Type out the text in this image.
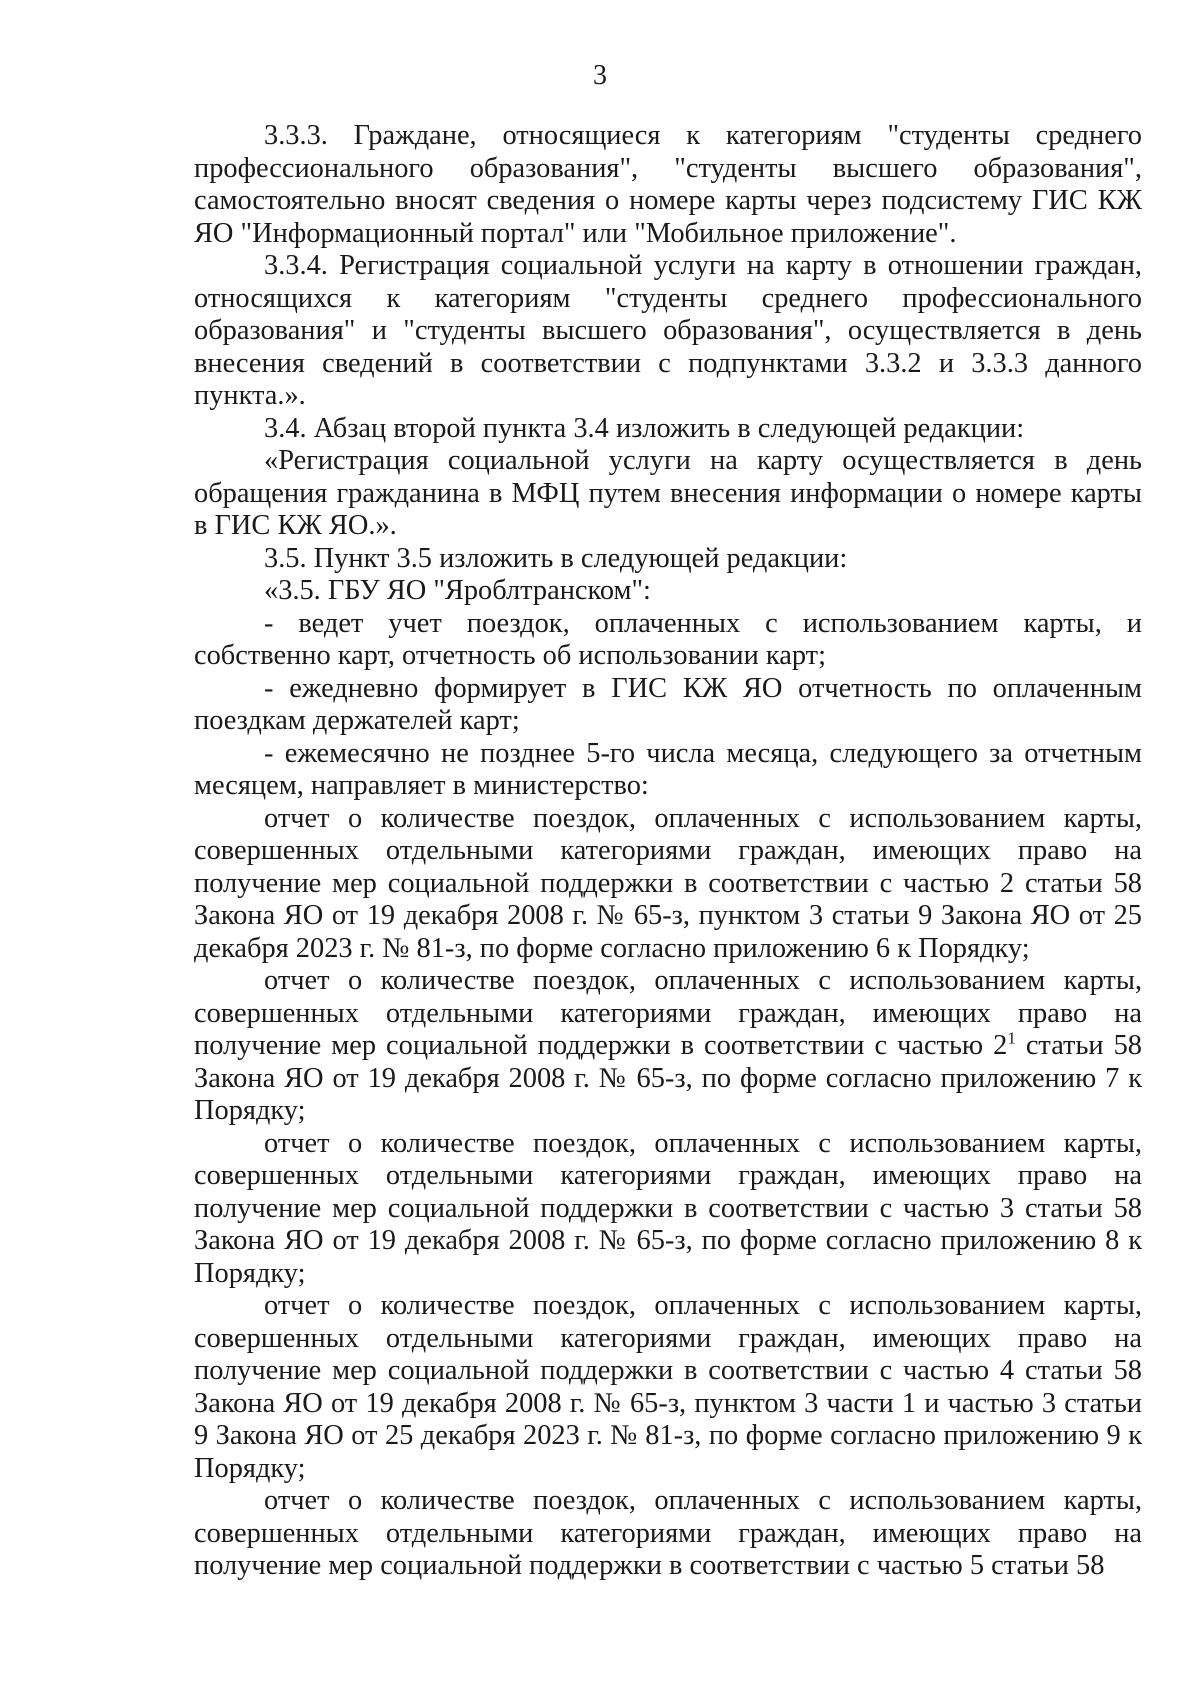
3

3.3.3. Граждане, относящиеся к категориям "студенты среднего профессионального образования", "студенты высшего образования", самостоятельно вносят сведения о номере карты через подсистему ГИС КЖ ЯО "Информационный портал" или "Мобильное приложение".

3.3.4. Регистрация социальной услуги на карту в отношении граждан, относящихся к категориям "студенты среднего профессионального образования" и "студенты высшего образования", осуществляется в день внесения сведений в соответствии с подпунктами 3.3.2 и 3.3.3 данного пункта.».

3.4. Абзац второй пункта 3.4 изложить в следующей редакции:

«Регистрация социальной услуги на карту осуществляется в день обращения гражданина в МФЦ путем внесения информации о номере карты в ГИС КЖ ЯО.».

3.5. Пункт 3.5 изложить в следующей редакции:

«3.5. ГБУ ЯО "Яроблтранском":

- ведет учет поездок, оплаченных с использованием карты, и собственно карт, отчетность об использовании карт;

- ежедневно формирует в ГИС КЖ ЯО отчетность по оплаченным поездкам держателей карт;

- ежемесячно не позднее 5-го числа месяца, следующего за отчетным месяцем, направляет в министерство:

отчет о количестве поездок, оплаченных с использованием карты, совершенных отдельными категориями граждан, имеющих право на получение мер социальной поддержки в соответствии с частью 2 статьи 58 Закона ЯО от 19 декабря 2008 г. № 65-з, пунктом 3 статьи 9 Закона ЯО от 25 декабря 2023 г. № 81-з, по форме согласно приложению 6 к Порядку;

отчет о количестве поездок, оплаченных с использованием карты, совершенных отдельными категориями граждан, имеющих право на получение мер социальной поддержки в соответствии с частью $2^1$ статьи 58 Закона ЯО от 19 декабря 2008 г. № 65-з, по форме согласно приложению 7 к Порядку;

отчет о количестве поездок, оплаченных с использованием карты, совершенных отдельными категориями граждан, имеющих право на получение мер социальной поддержки в соответствии с частью 3 статьи 58 Закона ЯО от 19 декабря 2008 г. № 65-з, по форме согласно приложению 8 к Порядку;

отчет о количестве поездок, оплаченных с использованием карты, совершенных отдельными категориями граждан, имеющих право на получение мер социальной поддержки в соответствии с частью 4 статьи 58 Закона ЯО от 19 декабря 2008 г. № 65-з, пунктом 3 части 1 и частью 3 статьи 9 Закона ЯО от 25 декабря 2023 г. № 81-з, по форме согласно приложению 9 к Порядку;

отчет о количестве поездок, оплаченных с использованием карты, совершенных отдельными категориями граждан, имеющих право на получение мер социальной поддержки в соответствии с частью 5 статьи 58
